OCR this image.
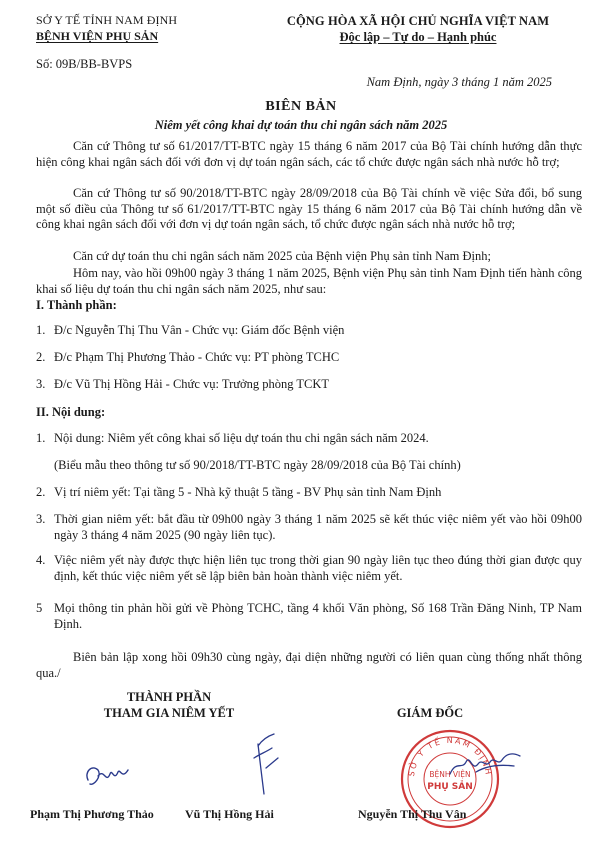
SỞ Y TẾ TỈNH NAM ĐỊNH
BỆNH VIỆN PHỤ SẢN
Số: 09B/BB-BVPS
CỘNG HÒA XÃ HỘI CHỦ NGHĨA VIỆT NAM
Độc lập – Tự do – Hạnh phúc
Nam Định, ngày 3 tháng 1 năm 2025
BIÊN BẢN
Niêm yết công khai dự toán thu chi ngân sách năm 2025
Căn cứ Thông tư số 61/2017/TT-BTC ngày 15 tháng 6 năm 2017 của Bộ Tài chính hướng dẫn thực hiện công khai ngân sách đối với đơn vị dự toán ngân sách, các tổ chức được ngân sách nhà nước hỗ trợ;
Căn cứ Thông tư số 90/2018/TT-BTC ngày 28/09/2018 của Bộ Tài chính về việc Sửa đổi, bổ sung một số điều của Thông tư số 61/2017/TT-BTC ngày 15 tháng 6 năm 2017 của Bộ Tài chính hướng dẫn về công khai ngân sách đối với đơn vị dự toán ngân sách, tổ chức được ngân sách nhà nước hỗ trợ;
Căn cứ dự toán thu chi ngân sách năm 2025 của Bệnh viện Phụ sản tỉnh Nam Định;
Hôm nay, vào hồi 09h00 ngày 3 tháng 1 năm 2025, Bệnh viện Phụ sản tỉnh Nam Định tiến hành công khai số liệu dự toán thu chi ngân sách năm 2025, như sau:
I. Thành phần:
1. Đ/c Nguyễn Thị Thu Vân - Chức vụ: Giám đốc Bệnh viện
2. Đ/c Phạm Thị Phương Thảo - Chức vụ: PT phòng TCHC
3. Đ/c Vũ Thị Hồng Hải - Chức vụ: Trưởng phòng TCKT
II. Nội dung:
1. Nội dung: Niêm yết công khai số liệu dự toán thu chi ngân sách năm 2024.
(Biểu mẫu theo thông tư số 90/2018/TT-BTC ngày 28/09/2018 của Bộ Tài chính)
2. Vị trí niêm yết: Tại tầng 5 - Nhà kỹ thuật 5 tầng - BV Phụ sản tỉnh Nam Định
3. Thời gian niêm yết: bắt đầu từ 09h00 ngày 3 tháng 1 năm 2025 sẽ kết thúc việc niêm yết vào hồi 09h00 ngày 3 tháng 4 năm 2025 (90 ngày liên tục).
4. Việc niêm yết này được thực hiện liên tục trong thời gian 90 ngày liên tục theo đúng thời gian được quy định, kết thúc việc niêm yết sẽ lập biên bản hoàn thành việc niêm yết.
5 Mọi thông tin phản hồi gửi về Phòng TCHC, tầng 4 khối Văn phòng, Số 168 Trần Đăng Ninh, TP Nam Định.
Biên bản lập xong hồi 09h30 cùng ngày, đại diện những người có liên quan cùng thống nhất thông qua./
THÀNH PHẦN
THAM GIA NIÊM YẾT	GIÁM ĐỐC
SỞ Y TẾ NAM ĐỊNH
BỆNH VIỆN
PHỤ SẢN
Phạm Thị Phương Thảo	Vũ Thị Hồng Hải	Nguyễn Thị Thu Vân
